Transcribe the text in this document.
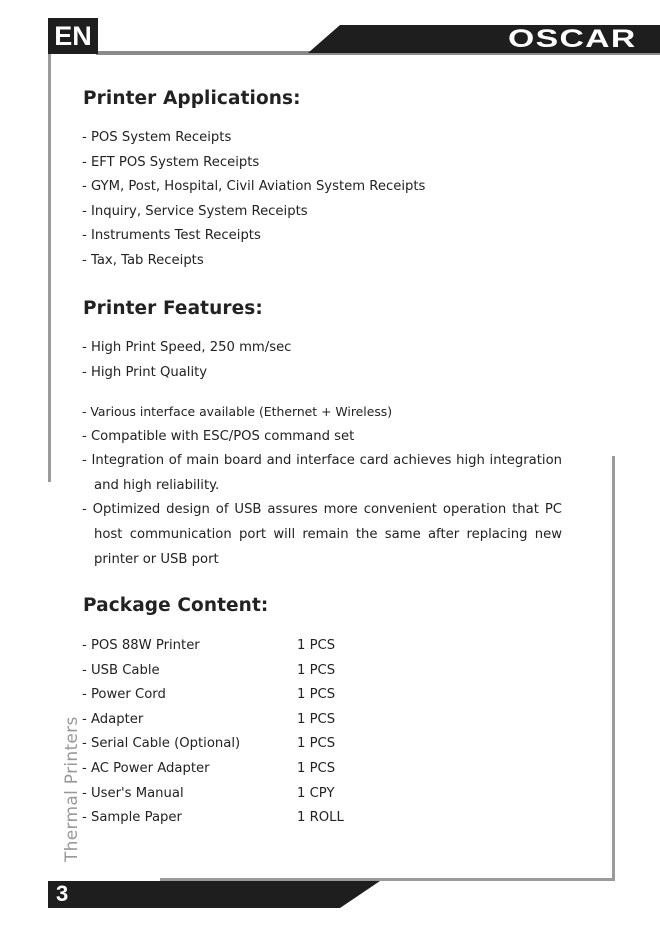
OSCAR
EN
Thermal Printers
Printer Applications:
- POS System Receipts
- EFT POS System Receipts
- GYM, Post, Hospital, Civil Aviation System Receipts
- Inquiry, Service System Receipts
- Instruments Test Receipts
- Tax, Tab Receipts
Printer Features:
- High Print Speed, 250 mm/sec
- High Print Quality
- Various interface available (Ethernet + Wireless)
- Compatible with ESC/POS command set
- Integration of main board and interface card achieves high integration and high reliability.
- Optimized design of USB assures more convenient operation that PC host communication port will remain the same after replacing new printer or USB port
Package Content:
- POS 88W Printer	1 PCS
- USB Cable	1 PCS
- Power Cord	1 PCS
- Adapter	1 PCS
- Serial Cable (Optional)	1 PCS
- AC Power Adapter	1 PCS
- User's Manual	1 CPY
- Sample Paper	1 ROLL
3
